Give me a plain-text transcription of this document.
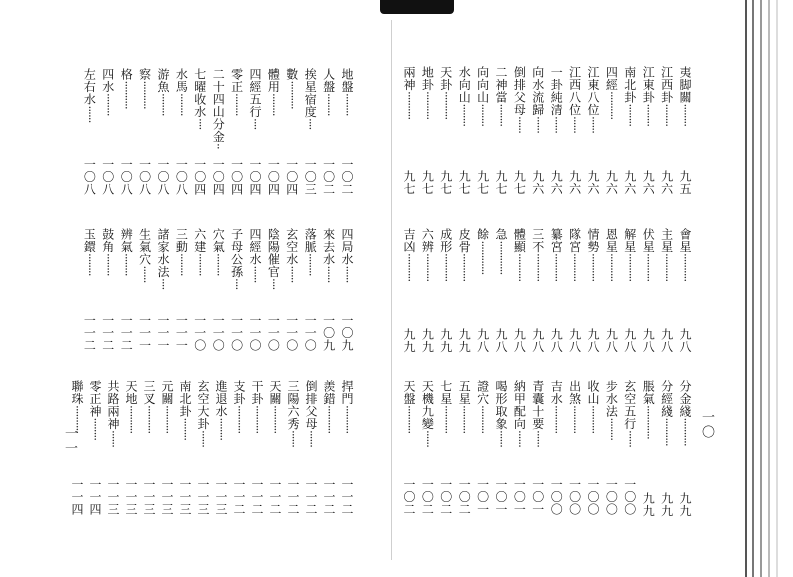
一一
一〇
地盤········
一〇二
人盤········
一〇二
挨星宿度····
一〇三
數··········
一〇四
體用········
一〇四
四經五行····
一〇四
零正········
一〇四
二十四山分金··
一〇四
七曜收水····
一〇四
水馬········
一〇八
游魚········
一〇八
察··········
一〇八
格··········
一〇八
四水········
一〇八
左右水······
一〇八
四局水······
一〇九
來去水······
一〇九
落脈········
一一〇
玄空水······
一一〇
陰陽催官····
一一〇
四經水······
一一〇
子母公孫····
一一〇
穴氣········
一一〇
六建········
一一〇
三動········
一一一
諸家水法····
一一一
生氣穴······
一一一
辨氣········
一一二
鼓角········
一一二
玉鐶········
一一二
捍門··········
一一二
羨錯··········
一一二
倒排父母······
一一二
三陽六秀······
一一二
天關··········
一一二
干卦··········
一一二
支卦··········
一一二
進退水········
一一三
玄空大卦······
一一三
南北卦········
一一三
元關··········
一一三
三叉··········
一一三
天地··········
一一三
共路兩神······
一一三
零正神········
一一四
聯珠··········
一一四
夷脚關········
九五
江西卦········
九六
江東卦········
九六
南北卦········
九六
四經··········
九六
江東八位······
九六
江西八位······
九六
一卦純清······
九六
向水流歸······
九六
倒排父母······
九七
二神當········
九七
向向山········
九七
水向山········
九七
天卦··········
九七
地卦··········
九七
兩神··········
九七
會星··········
九八
主星··········
九八
伏星··········
九八
解星··········
九八
恩星··········
九八
情勢··········
九八
隊宮··········
九八
纂宮··········
九八
三不··········
九八
體顯··········
九八
急············
九八
餘············
九八
皮骨··········
九九
成形··········
九九
六辨··········
九九
吉凶··········
九九
分金綫··········
九九
分經綫··········
九九
脹氣············
九九
玄空五行······
一〇〇
步水法········
一〇〇
收山··········
一〇〇
出煞··········
一〇〇
吉水··········
一〇〇
青囊十要······
一〇一
納甲配向······
一〇一
喝形取象······
一〇一
證穴··········
一〇一
五星··········
一〇二
七星··········
一〇二
天機九變······
一〇二
天盤··········
一〇二
